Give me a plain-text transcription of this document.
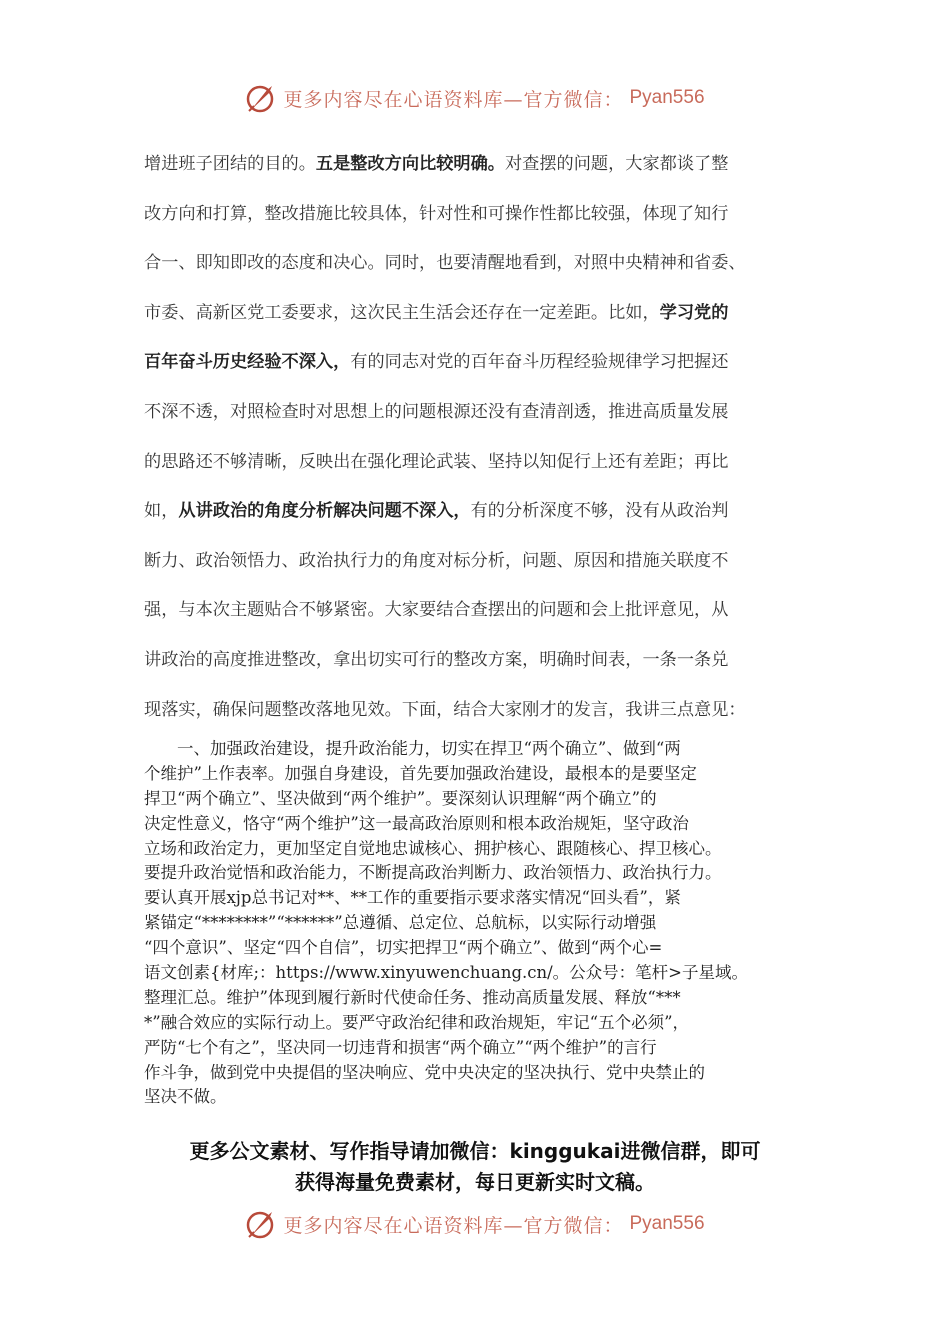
更多内容尽在心语资料库—官方微信： Pyan556
增进班子团结的目的。五是整改方向比较明确。对查摆的问题，大家都谈了整
改方向和打算，整改措施比较具体，针对性和可操作性都比较强，体现了知行
合一、即知即改的态度和决心。同时，也要清醒地看到，对照中央精神和省委、
市委、高新区党工委要求，这次民主生活会还存在一定差距。比如，学习党的
百年奋斗历史经验不深入，有的同志对党的百年奋斗历程经验规律学习把握还
不深不透，对照检查时对思想上的问题根源还没有查清剖透，推进高质量发展
的思路还不够清晰，反映出在强化理论武装、坚持以知促行上还有差距；再比
如，从讲政治的角度分析解决问题不深入，有的分析深度不够，没有从政治判
断力、政治领悟力、政治执行力的角度对标分析，问题、原因和措施关联度不
强，与本次主题贴合不够紧密。大家要结合查摆出的问题和会上批评意见，从
讲政治的高度推进整改，拿出切实可行的整改方案，明确时间表，一条一条兑
现落实，确保问题整改落地见效。下面，结合大家刚才的发言，我讲三点意见：
　　一、加强政治建设，提升政治能力，切实在捍卫“两个确立”、做到“两
个维护”上作表率。加强自身建设，首先要加强政治建设，最根本的是要坚定
捍卫“两个确立”、坚决做到“两个维护”。要深刻认识理解“两个确立”的
决定性意义，恪守“两个维护”这一最高政治原则和根本政治规矩，坚守政治
立场和政治定力，更加坚定自觉地忠诚核心、拥护核心、跟随核心、捍卫核心。
要提升政治觉悟和政治能力，不断提高政治判断力、政治领悟力、政治执行力。
要认真开展xjp总书记对**、**工作的重要指示要求落实情况“回头看”，紧
紧锚定“********”“******”总遵循、总定位、总航标，以实际行动增强
“四个意识”、坚定“四个自信”，切实把捍卫“两个确立”、做到“两个心=
语文创素{材库;：https://www.xinyuwenchuang.cn/。公众号：笔杆>子星域。
整理汇总。维护”体现到履行新时代使命任务、推动高质量发展、释放“***
*”融合效应的实际行动上。要严守政治纪律和政治规矩，牢记“五个必须”，
严防“七个有之”，坚决同一切违背和损害“两个确立”“两个维护”的言行
作斗争，做到党中央提倡的坚决响应、党中央决定的坚决执行、党中央禁止的
坚决不做。
更多公文素材、写作指导请加微信：kinggukai进微信群，即可
获得海量免费素材，每日更新实时文稿。
更多内容尽在心语资料库—官方微信： Pyan556
